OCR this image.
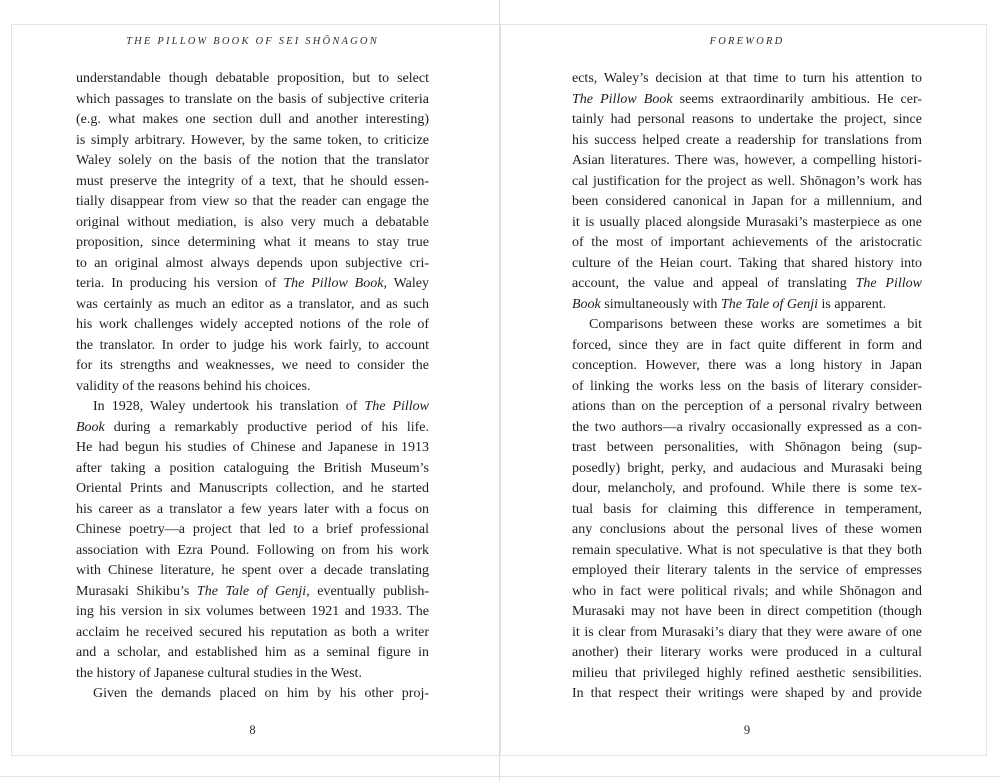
THE PILLOW BOOK OF SEI SHŌNAGON
understandable though debatable proposition, but to select
which passages to translate on the basis of subjective criteria
(e.g. what makes one section dull and another interesting)
is simply arbitrary. However, by the same token, to criticize
Waley solely on the basis of the notion that the translator
must preserve the integrity of a text, that he should essen-
tially disappear from view so that the reader can engage the
original without mediation, is also very much a debatable
proposition, since determining what it means to stay true
to an original almost always depends upon subjective cri-
teria. In producing his version of The Pillow Book, Waley
was certainly as much an editor as a translator, and as such
his work challenges widely accepted notions of the role of
the translator. In order to judge his work fairly, to account
for its strengths and weaknesses, we need to consider the
validity of the reasons behind his choices.
In 1928, Waley undertook his translation of The Pillow
Book during a remarkably productive period of his life.
He had begun his studies of Chinese and Japanese in 1913
after taking a position cataloguing the British Museum’s
Oriental Prints and Manuscripts collection, and he started
his career as a translator a few years later with a focus on
Chinese poetry—a project that led to a brief professional
association with Ezra Pound. Following on from his work
with Chinese literature, he spent over a decade translating
Murasaki Shikibu’s The Tale of Genji, eventually publish-
ing his version in six volumes between 1921 and 1933. The
acclaim he received secured his reputation as both a writer
and a scholar, and established him as a seminal figure in
the history of Japanese cultural studies in the West.
Given the demands placed on him by his other proj-
8
FOREWORD
ects, Waley’s decision at that time to turn his attention to
The Pillow Book seems extraordinarily ambitious. He cer-
tainly had personal reasons to undertake the project, since
his success helped create a readership for translations from
Asian literatures. There was, however, a compelling histori-
cal justification for the project as well. Shōnagon’s work has
been considered canonical in Japan for a millennium, and
it is usually placed alongside Murasaki’s masterpiece as one
of the most of important achievements of the aristocratic
culture of the Heian court. Taking that shared history into
account, the value and appeal of translating The Pillow
Book simultaneously with The Tale of Genji is apparent.
Comparisons between these works are sometimes a bit
forced, since they are in fact quite different in form and
conception. However, there was a long history in Japan
of linking the works less on the basis of literary consider-
ations than on the perception of a personal rivalry between
the two authors—a rivalry occasionally expressed as a con-
trast between personalities, with Shōnagon being (sup-
posedly) bright, perky, and audacious and Murasaki being
dour, melancholy, and profound. While there is some tex-
tual basis for claiming this difference in temperament,
any conclusions about the personal lives of these women
remain speculative. What is not speculative is that they both
employed their literary talents in the service of empresses
who in fact were political rivals; and while Shōnagon and
Murasaki may not have been in direct competition (though
it is clear from Murasaki’s diary that they were aware of one
another) their literary works were produced in a cultural
milieu that privileged highly refined aesthetic sensibilities.
In that respect their writings were shaped by and provide
9
